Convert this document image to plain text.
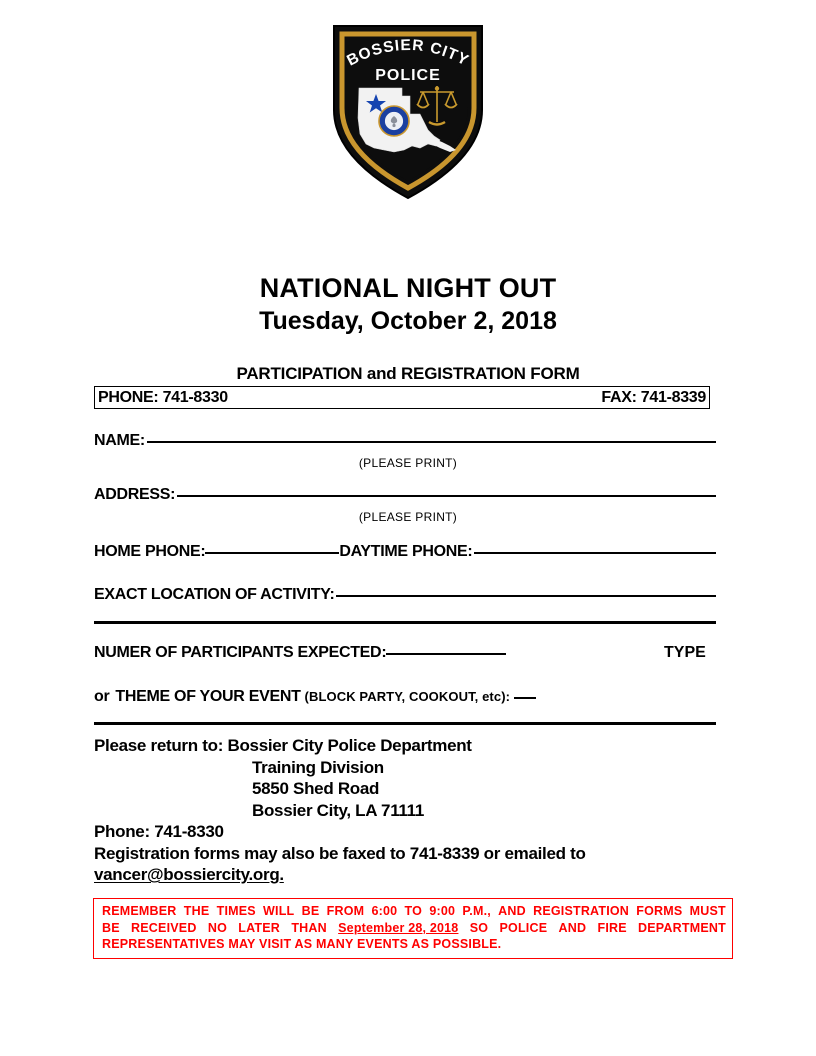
BOSSIER CITY
POLICE
NATIONAL NIGHT OUT
Tuesday, October 2, 2018
PARTICIPATION and REGISTRATION FORM
PHONE: 741-8330	FAX: 741-8339
NAME:
(PLEASE PRINT)
ADDRESS:
(PLEASE PRINT)
HOME PHONE:	DAYTIME PHONE:
EXACT LOCATION OF ACTIVITY:
NUMER OF PARTICIPANTS EXPECTED:	TYPE
or THEME OF YOUR EVENT (BLOCK PARTY, COOKOUT, etc):
Please return to: Bossier City Police Department
Training Division
5850 Shed Road
Bossier City, LA 71111
Phone: 741-8330
Registration forms may also be faxed to 741-8339 or emailed to
vancer@bossiercity.org.
REMEMBER THE TIMES WILL BE FROM 6:00 TO 9:00 P.M., AND REGISTRATION FORMS MUST
BE RECEIVED NO LATER THAN September 28, 2018 SO POLICE AND FIRE DEPARTMENT
REPRESENTATIVES MAY VISIT AS MANY EVENTS AS POSSIBLE.
